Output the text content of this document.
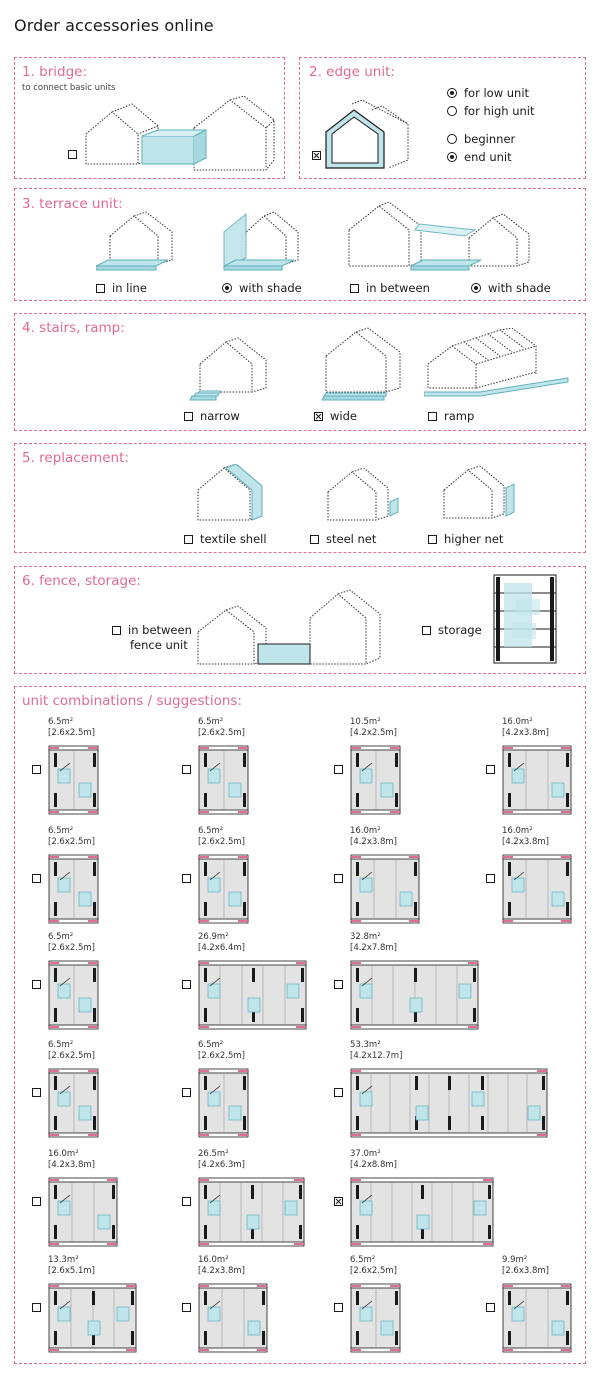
Order accessories online
1. bridge:
to connect basic units
2. edge unit:
for low unit
for high unit
beginner
end unit
3. terrace unit:
in line	with shade	in between	with shade
4. stairs, ramp:
narrow	wide	ramp
5. replacement:
textile shell	steel net	higher net
6. fence, storage:
in between
fence unit
storage
unit combinations / suggestions:
6.5m²
[2.6x2.5m]
6.5m²
[2.6x2.5m]
10.5m²
[4.2x2.5m]
16.0m²
[4.2x3.8m]
6.5m²
[2.6x2.5m]
6.5m²
[2.6x2.5m]
16.0m²
[4.2x3.8m]
16.0m²
[4.2x3.8m]
6.5m²
[2.6x2.5m]
26.9m²
[4.2x6.4m]
32.8m²
[4.2x7.8m]
6.5m²
[2.6x2.5m]
6.5m²
[2.6x2.5m]
53.3m²
[4.2x12.7m]
16.0m²
[4.2x3.8m]
26.5m²
[4.2x6.3m]
37.0m²
[4.2x8.8m]
13.3m²
[2.6x5.1m]
16.0m²
[4.2x3.8m]
6.5m²
[2.6x2.5m]
9.9m²
[2.6x3.8m]
